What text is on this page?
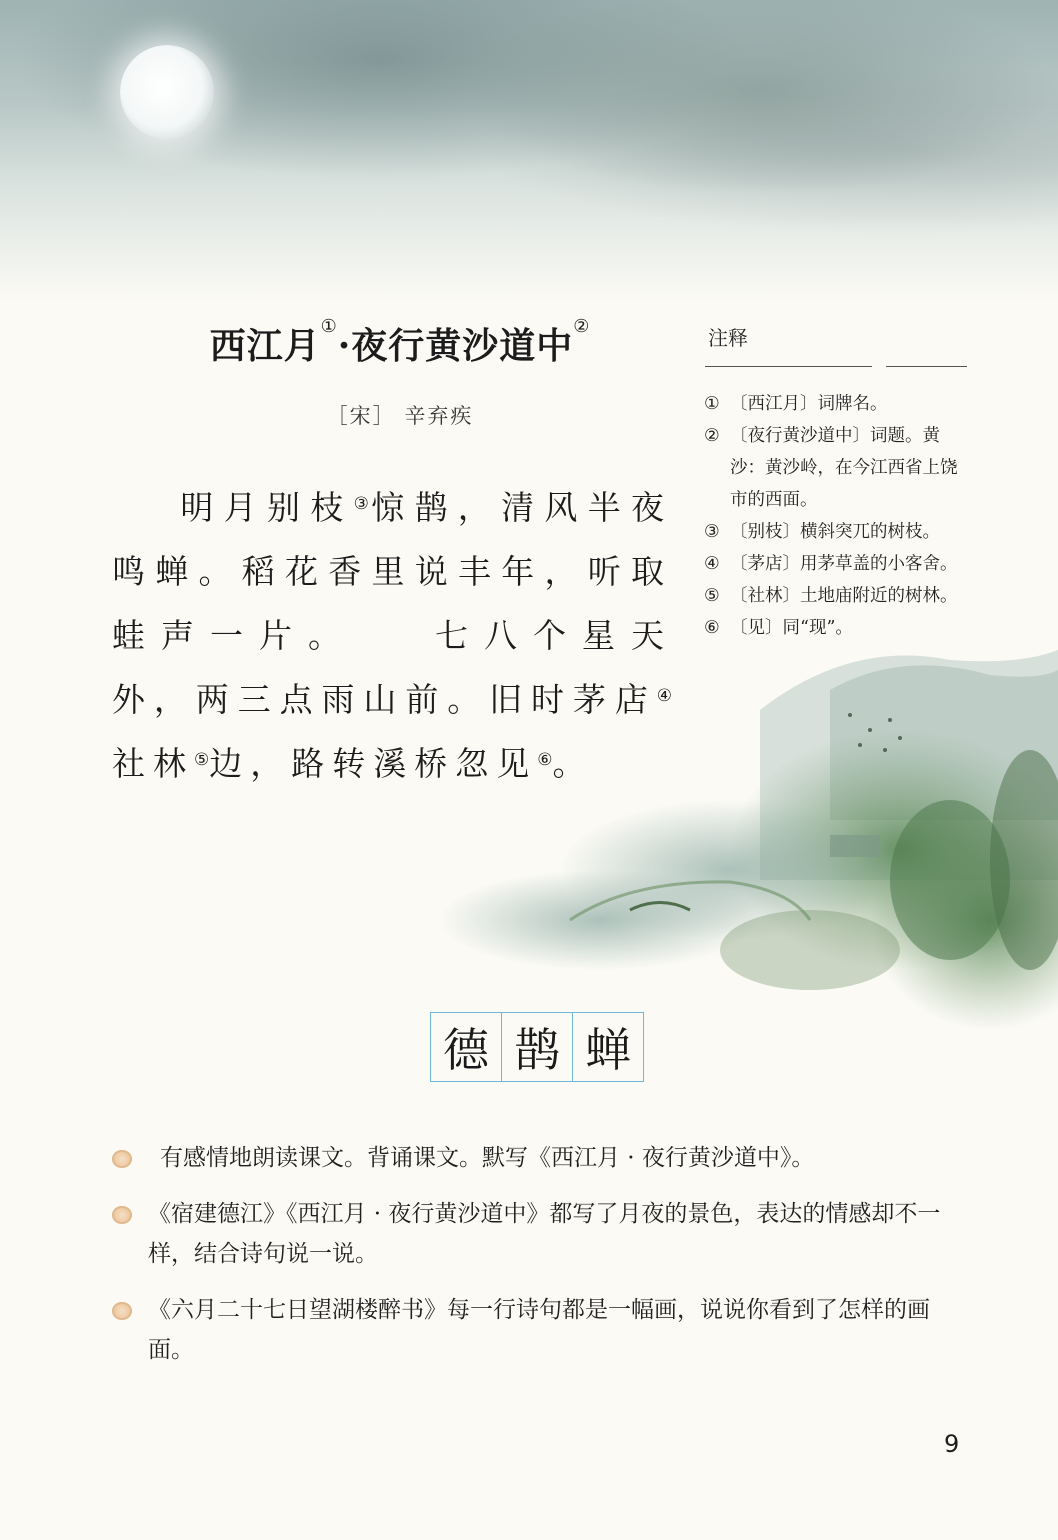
西江月①·夜行黄沙道中②
［宋］ 辛弃疾
明月别枝③惊鹊，清风半夜鸣蝉。稻花香里说丰年，听取蛙声一片。 七八个星天外，两三点雨山前。旧时茅店④社林⑤边，路转溪桥忽见⑥。
注释
① 〔西江月〕词牌名。
② 〔夜行黄沙道中〕词题。黄沙：黄沙岭，在今江西省上饶市的西面。
③ 〔别枝〕横斜突兀的树枝。
④ 〔茅店〕用茅草盖的小客舍。
⑤ 〔社林〕土地庙附近的树林。
⑥ 〔见〕同“现”。
德 鹊 蝉
有感情地朗读课文。背诵课文。默写《西江月 · 夜行黄沙道中》。
《宿建德江》《西江月 · 夜行黄沙道中》都写了月夜的景色，表达的情感却不一样，结合诗句说一说。
《六月二十七日望湖楼醉书》每一行诗句都是一幅画，说说你看到了怎样的画面。
9
